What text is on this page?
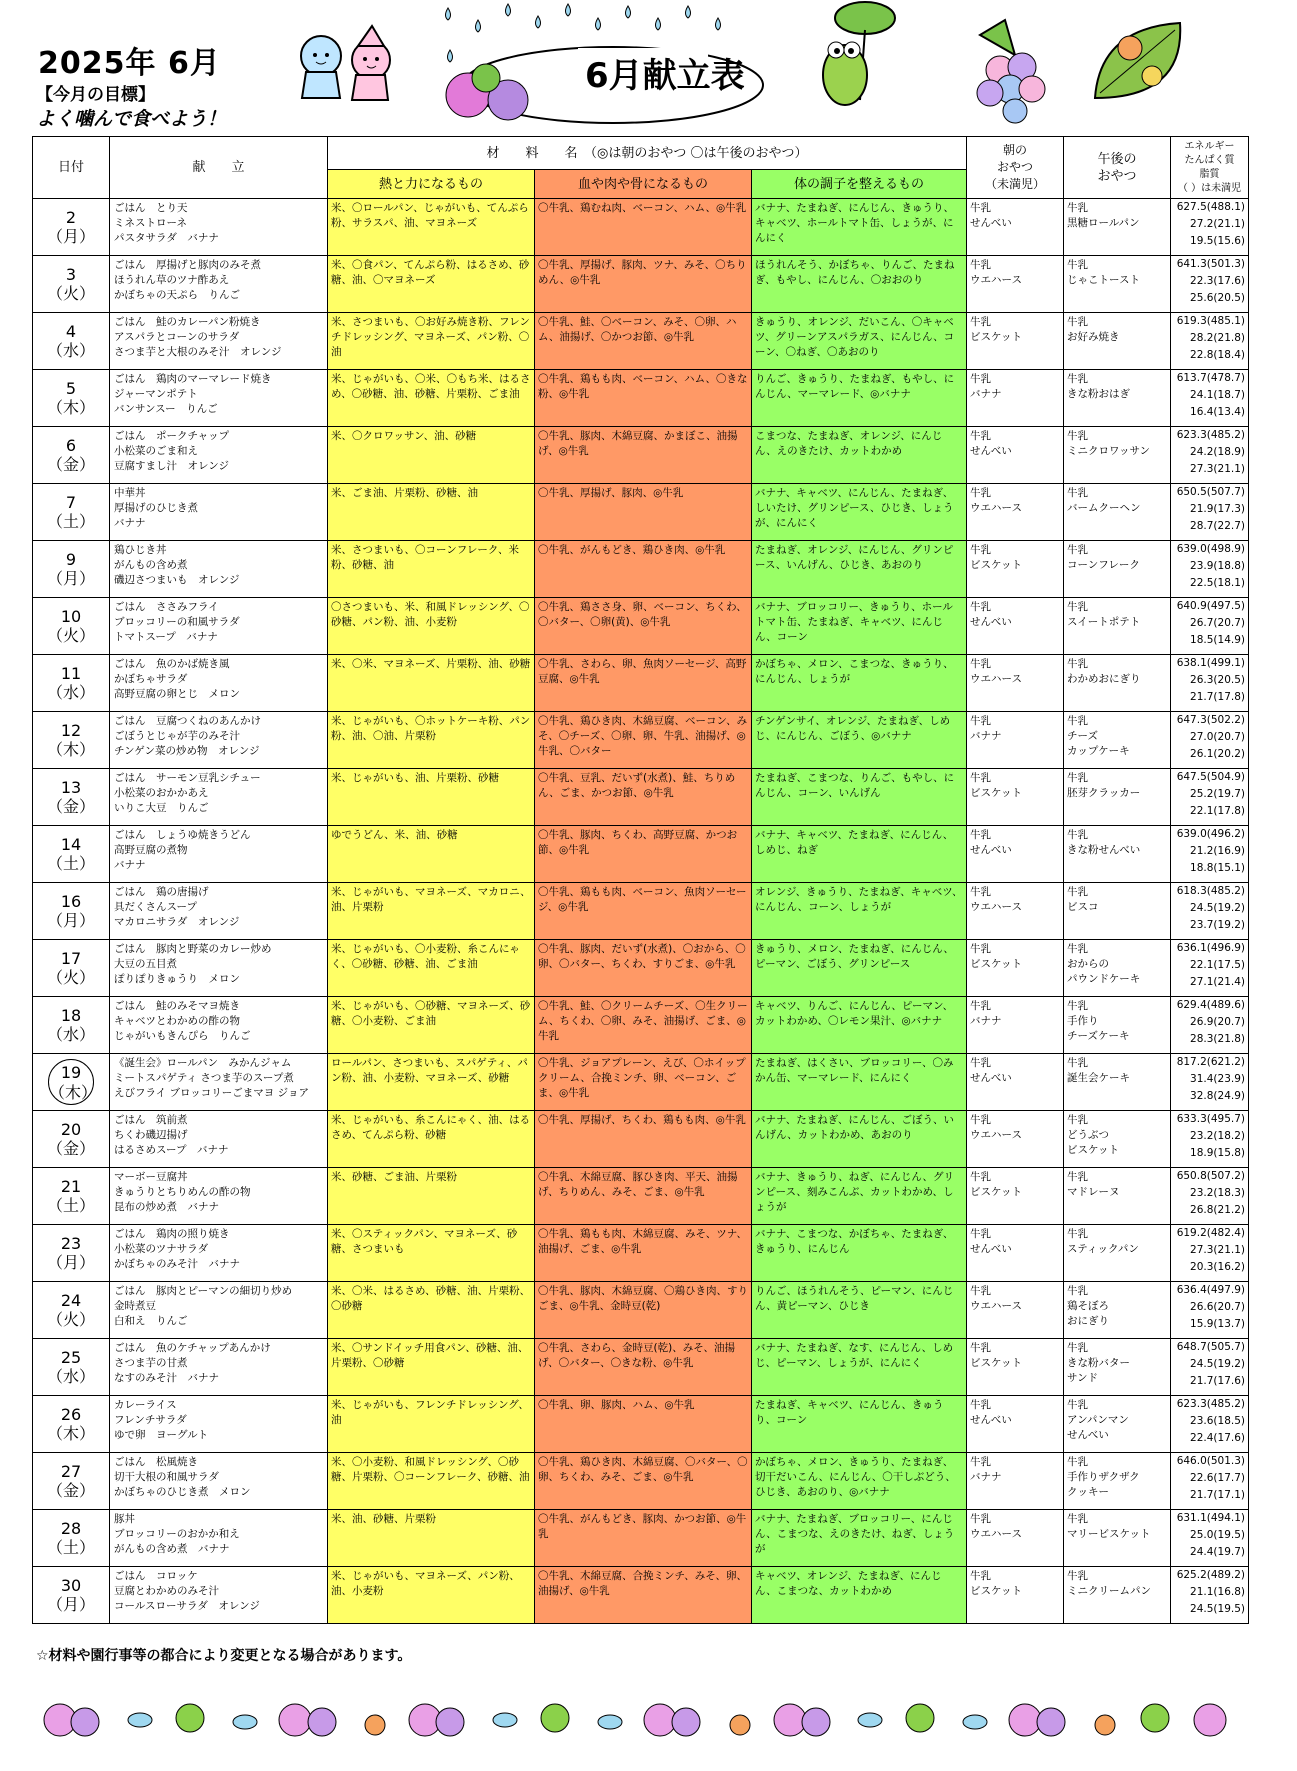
2025年 6月
【今月の目標】
よく噛んで食べよう！
6月献立表
日付	献　　立	材　　料　　名　（◎は朝のおやつ 〇は午後のおやつ）			朝の
おやつ
（未満児）	午後の
おやつ	エネルギー
たんぱく質
脂質
（ ）は未満児
		熱と力になるもの	血や肉や骨になるもの	体の調子を整えるもの			

2
（月）	ごはん　とり天
ミネストローネ
パスタサラダ　バナナ	米、〇ロールパン、じゃがいも、てんぷら粉、サラスパ、油、マヨネーズ	〇牛乳、鶏むね肉、ベーコン、ハム、◎牛乳	バナナ、たまねぎ、にんじん、きゅうり、キャベツ、ホールトマト缶、しょうが、にんにく	牛乳
せんべい	牛乳
黒糖ロールパン	627.5(488.1)
27.2(21.1)
19.5(15.6)

3
（火）	ごはん　厚揚げと豚肉のみそ煮
ほうれん草のツナ酢あえ
かぼちゃの天ぷら　りんご	米、〇食パン、てんぷら粉、はるさめ、砂糖、油、〇マヨネーズ	〇牛乳、厚揚げ、豚肉、ツナ、みそ、〇ちりめん、◎牛乳	ほうれんそう、かぼちゃ、りんご、たまねぎ、もやし、にんじん、〇おおのり	牛乳
ウエハース	牛乳
じゃこトースト	641.3(501.3)
22.3(17.6)
25.6(20.5)

4
（水）	ごはん　鮭のカレーパン粉焼き
アスパラとコーンのサラダ
さつま芋と大根のみそ汁　オレンジ	米、さつまいも、〇お好み焼き粉、フレンチドレッシング、マヨネーズ、パン粉、〇油	〇牛乳、鮭、〇ベーコン、みそ、〇卵、ハム、油揚げ、〇かつお節、◎牛乳	きゅうり、オレンジ、だいこん、〇キャベツ、グリーンアスパラガス、にんじん、コーン、〇ねぎ、〇あおのり	牛乳
ビスケット	牛乳
お好み焼き	619.3(485.1)
28.2(21.8)
22.8(18.4)

5
（木）	ごはん　鶏肉のマーマレード焼き
ジャーマンポテト
バンサンスー　りんご	米、じゃがいも、〇米、〇もち米、はるさめ、〇砂糖、油、砂糖、片栗粉、ごま油	〇牛乳、鶏もも肉、ベーコン、ハム、〇きな粉、◎牛乳	りんご、きゅうり、たまねぎ、もやし、にんじん、マーマレード、◎バナナ	牛乳
バナナ	牛乳
きな粉おはぎ	613.7(478.7)
24.1(18.7)
16.4(13.4)

6
（金）	ごはん　ポークチャップ
小松菜のごま和え
豆腐すまし汁　オレンジ	米、〇クロワッサン、油、砂糖	〇牛乳、豚肉、木綿豆腐、かまぼこ、油揚げ、◎牛乳	こまつな、たまねぎ、オレンジ、にんじん、えのきたけ、カットわかめ	牛乳
せんべい	牛乳
ミニクロワッサン	623.3(485.2)
24.2(18.9)
27.3(21.1)

7
（土）	中華丼
厚揚げのひじき煮
バナナ	米、ごま油、片栗粉、砂糖、油	〇牛乳、厚揚げ、豚肉、◎牛乳	バナナ、キャベツ、にんじん、たまねぎ、しいたけ、グリンピース、ひじき、しょうが、にんにく	牛乳
ウエハース	牛乳
バームクーヘン	650.5(507.7)
21.9(17.3)
28.7(22.7)

9
（月）	鶏ひじき丼
がんもの含め煮
磯辺さつまいも　オレンジ	米、さつまいも、〇コーンフレーク、米粉、砂糖、油	〇牛乳、がんもどき、鶏ひき肉、◎牛乳	たまねぎ、オレンジ、にんじん、グリンピース、いんげん、ひじき、あおのり	牛乳
ビスケット	牛乳
コーンフレーク	639.0(498.9)
23.9(18.8)
22.5(18.1)

10
（火）	ごはん　ささみフライ
ブロッコリーの和風サラダ
トマトスープ　バナナ	〇さつまいも、米、和風ドレッシング、〇砂糖、パン粉、油、小麦粉	〇牛乳、鶏ささ身、卵、ベーコン、ちくわ、〇バター、〇卵(黄)、◎牛乳	バナナ、ブロッコリー、きゅうり、ホールトマト缶、たまねぎ、キャベツ、にんじん、コーン	牛乳
せんべい	牛乳
スイートポテト	640.9(497.5)
26.7(20.7)
18.5(14.9)

11
（水）	ごはん　魚のかば焼き風
かぼちゃサラダ
高野豆腐の卵とじ　メロン	米、〇米、マヨネーズ、片栗粉、油、砂糖	〇牛乳、さわら、卵、魚肉ソーセージ、高野豆腐、◎牛乳	かぼちゃ、メロン、こまつな、きゅうり、にんじん、しょうが	牛乳
ウエハース	牛乳
わかめおにぎり	638.1(499.1)
26.3(20.5)
21.7(17.8)

12
（木）	ごはん　豆腐つくねのあんかけ
ごぼうとじゃが芋のみそ汁
チンゲン菜の炒め物　オレンジ	米、じゃがいも、〇ホットケーキ粉、パン粉、油、〇油、片栗粉	〇牛乳、鶏ひき肉、木綿豆腐、ベーコン、みそ、〇チーズ、〇卵、卵、牛乳、油揚げ、◎牛乳、〇バター	チンゲンサイ、オレンジ、たまねぎ、しめじ、にんじん、ごぼう、◎バナナ	牛乳
バナナ	牛乳
チーズ
カップケーキ	647.3(502.2)
27.0(20.7)
26.1(20.2)

13
（金）	ごはん　サーモン豆乳シチュー
小松菜のおかかあえ
いりこ大豆　りんご	米、じゃがいも、油、片栗粉、砂糖	〇牛乳、豆乳、だいず(水煮)、鮭、ちりめん、ごま、かつお節、◎牛乳	たまねぎ、こまつな、りんご、もやし、にんじん、コーン、いんげん	牛乳
ビスケット	牛乳
胚芽クラッカー	647.5(504.9)
25.2(19.7)
22.1(17.8)

14
（土）	ごはん　しょうゆ焼きうどん
高野豆腐の煮物
バナナ	ゆでうどん、米、油、砂糖	〇牛乳、豚肉、ちくわ、高野豆腐、かつお節、◎牛乳	バナナ、キャベツ、たまねぎ、にんじん、しめじ、ねぎ	牛乳
せんべい	牛乳
きな粉せんべい	639.0(496.2)
21.2(16.9)
18.8(15.1)

16
（月）	ごはん　鶏の唐揚げ
具だくさんスープ
マカロニサラダ　オレンジ	米、じゃがいも、マヨネーズ、マカロニ、油、片栗粉	〇牛乳、鶏もも肉、ベーコン、魚肉ソーセージ、◎牛乳	オレンジ、きゅうり、たまねぎ、キャベツ、にんじん、コーン、しょうが	牛乳
ウエハース	牛乳
ビスコ	618.3(485.2)
24.5(19.2)
23.7(19.2)

17
（火）	ごはん　豚肉と野菜のカレー炒め
大豆の五目煮
ぽりぽりきゅうり　メロン	米、じゃがいも、〇小麦粉、糸こんにゃく、〇砂糖、砂糖、油、ごま油	〇牛乳、豚肉、だいず(水煮)、〇おから、〇卵、〇バター、ちくわ、すりごま、◎牛乳	きゅうり、メロン、たまねぎ、にんじん、ピーマン、ごぼう、グリンピース	牛乳
ビスケット	牛乳
おからの
パウンドケーキ	636.1(496.9)
22.1(17.5)
27.1(21.4)

18
（水）	ごはん　鮭のみそマヨ焼き
キャベツとわかめの酢の物
じゃがいもきんぴら　りんご	米、じゃがいも、〇砂糖、マヨネーズ、砂糖、〇小麦粉、ごま油	〇牛乳、鮭、〇クリームチーズ、〇生クリーム、ちくわ、〇卵、みそ、油揚げ、ごま、◎牛乳	キャベツ、りんご、にんじん、ピーマン、カットわかめ、〇レモン果汁、◎バナナ	牛乳
バナナ	牛乳
手作り
チーズケーキ	629.4(489.6)
26.9(20.7)
28.3(21.8)

19
（木）	《誕生会》ロールパン　みかんジャム
ミートスパゲティ さつま芋のスープ煮
えびフライ ブロッコリーごまマヨ ジョア	ロールパン、さつまいも、スパゲティ、パン粉、油、小麦粉、マヨネーズ、砂糖	〇牛乳、ジョアプレーン、えび、〇ホイップクリーム、合挽ミンチ、卵、ベーコン、ごま、◎牛乳	たまねぎ、はくさい、ブロッコリー、〇みかん缶、マーマレード、にんにく	牛乳
せんべい	牛乳
誕生会ケーキ	817.2(621.2)
31.4(23.9)
32.8(24.9)

20
（金）	ごはん　筑前煮
ちくわ磯辺揚げ
はるさめスープ　バナナ	米、じゃがいも、糸こんにゃく、油、はるさめ、てんぷら粉、砂糖	〇牛乳、厚揚げ、ちくわ、鶏もも肉、◎牛乳	バナナ、たまねぎ、にんじん、ごぼう、いんげん、カットわかめ、あおのり	牛乳
ウエハース	牛乳
どうぶつ
ビスケット	633.3(495.7)
23.2(18.2)
18.9(15.8)

21
（土）	マーボー豆腐丼
きゅうりとちりめんの酢の物
昆布の炒め煮　バナナ	米、砂糖、ごま油、片栗粉	〇牛乳、木綿豆腐、豚ひき肉、平天、油揚げ、ちりめん、みそ、ごま、◎牛乳	バナナ、きゅうり、ねぎ、にんじん、グリンピース、刻みこんぶ、カットわかめ、しょうが	牛乳
ビスケット	牛乳
マドレーヌ	650.8(507.2)
23.2(18.3)
26.8(21.2)

23
（月）	ごはん　鶏肉の照り焼き
小松菜のツナサラダ
かぼちゃのみそ汁　バナナ	米、〇スティックパン、マヨネーズ、砂糖、さつまいも	〇牛乳、鶏もも肉、木綿豆腐、みそ、ツナ、油揚げ、ごま、◎牛乳	バナナ、こまつな、かぼちゃ、たまねぎ、きゅうり、にんじん	牛乳
せんべい	牛乳
スティックパン	619.2(482.4)
27.3(21.1)
20.3(16.2)

24
（火）	ごはん　豚肉とピーマンの細切り炒め
金時煮豆
白和え　りんご	米、〇米、はるさめ、砂糖、油、片栗粉、〇砂糖	〇牛乳、豚肉、木綿豆腐、〇鶏ひき肉、すりごま、◎牛乳、金時豆(乾)	りんご、ほうれんそう、ピーマン、にんじん、黄ピーマン、ひじき	牛乳
ウエハース	牛乳
鶏そぼろ
おにぎり	636.4(497.9)
26.6(20.7)
15.9(13.7)

25
（水）	ごはん　魚のケチャップあんかけ
さつま芋の甘煮
なすのみそ汁　バナナ	米、〇サンドイッチ用食パン、砂糖、油、片栗粉、〇砂糖	〇牛乳、さわら、金時豆(乾)、みそ、油揚げ、〇バター、〇きな粉、◎牛乳	バナナ、たまねぎ、なす、にんじん、しめじ、ピーマン、しょうが、にんにく	牛乳
ビスケット	牛乳
きな粉バター
サンド	648.7(505.7)
24.5(19.2)
21.7(17.6)

26
（木）	カレーライス
フレンチサラダ
ゆで卵　ヨーグルト	米、じゃがいも、フレンチドレッシング、油	〇牛乳、卵、豚肉、ハム、◎牛乳	たまねぎ、キャベツ、にんじん、きゅうり、コーン	牛乳
せんべい	牛乳
アンパンマン
せんべい	623.3(485.2)
23.6(18.5)
22.4(17.6)

27
（金）	ごはん　松風焼き
切干大根の和風サラダ
かぼちゃのひじき煮　メロン	米、〇小麦粉、和風ドレッシング、〇砂糖、片栗粉、〇コーンフレーク、砂糖、油	〇牛乳、鶏ひき肉、木綿豆腐、〇バター、〇卵、ちくわ、みそ、ごま、◎牛乳	かぼちゃ、メロン、きゅうり、たまねぎ、切干だいこん、にんじん、〇干しぶどう、ひじき、あおのり、◎バナナ	牛乳
バナナ	牛乳
手作りザクザク
クッキー	646.0(501.3)
22.6(17.7)
21.7(17.1)

28
（土）	豚丼
ブロッコリーのおかか和え
がんもの含め煮　バナナ	米、油、砂糖、片栗粉	〇牛乳、がんもどき、豚肉、かつお節、◎牛乳	バナナ、たまねぎ、ブロッコリー、にんじん、こまつな、えのきたけ、ねぎ、しょうが	牛乳
ウエハース	牛乳
マリービスケット	631.1(494.1)
25.0(19.5)
24.4(19.7)

30
（月）	ごはん　コロッケ
豆腐とわかめのみそ汁
コールスローサラダ　オレンジ	米、じゃがいも、マヨネーズ、パン粉、油、小麦粉	〇牛乳、木綿豆腐、合挽ミンチ、みそ、卵、油揚げ、◎牛乳	キャベツ、オレンジ、たまねぎ、にんじん、こまつな、カットわかめ	牛乳
ビスケット	牛乳
ミニクリームパン	625.2(489.2)
21.1(16.8)
24.5(19.5)
☆材料や園行事等の都合により変更となる場合があります。
